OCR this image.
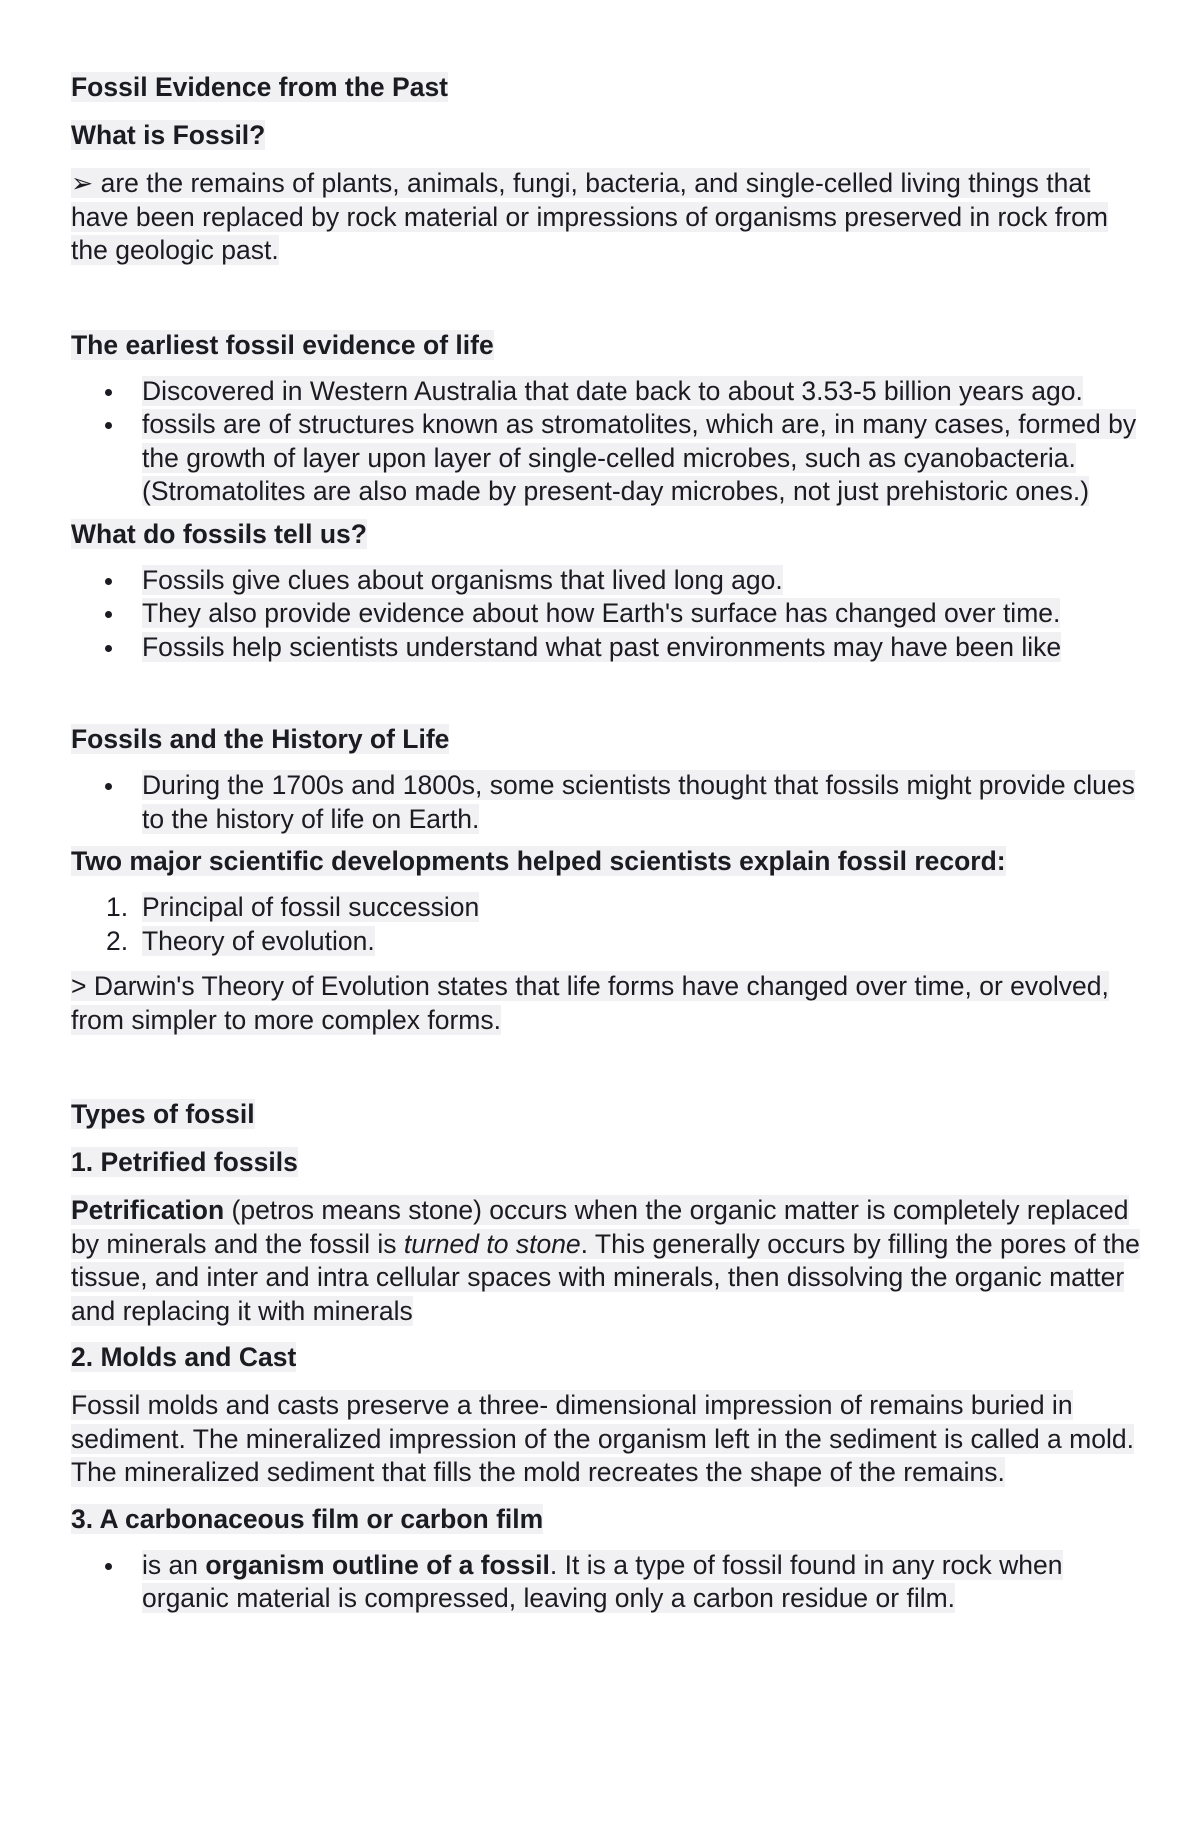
Fossil Evidence from the Past

What is Fossil?

➢ are the remains of plants, animals, fungi, bacteria, and single-celled living things that have been replaced by rock material or impressions of organisms preserved in rock from the geologic past.

The earliest fossil evidence of life

Discovered in Western Australia that date back to about 3.53-5 billion years ago.
fossils are of structures known as stromatolites, which are, in many cases, formed by the growth of layer upon layer of single-celled microbes, such as cyanobacteria. (Stromatolites are also made by present-day microbes, not just prehistoric ones.)

What do fossils tell us?

Fossils give clues about organisms that lived long ago.
They also provide evidence about how Earth's surface has changed over time.
Fossils help scientists understand what past environments may have been like

Fossils and the History of Life

During the 1700s and 1800s, some scientists thought that fossils might provide clues to the history of life on Earth.

Two major scientific developments helped scientists explain fossil record:

1. Principal of fossil succession
2. Theory of evolution.

> Darwin's Theory of Evolution states that life forms have changed over time, or evolved, from simpler to more complex forms.

Types of fossil

1. Petrified fossils

Petrification (petros means stone) occurs when the organic matter is completely replaced by minerals and the fossil is turned to stone. This generally occurs by filling the pores of the tissue, and inter and intra cellular spaces with minerals, then dissolving the organic matter and replacing it with minerals

2. Molds and Cast

Fossil molds and casts preserve a three- dimensional impression of remains buried in sediment. The mineralized impression of the organism left in the sediment is called a mold. The mineralized sediment that fills the mold recreates the shape of the remains.

3. A carbonaceous film or carbon film

is an organism outline of a fossil. It is a type of fossil found in any rock when organic material is compressed, leaving only a carbon residue or film.
